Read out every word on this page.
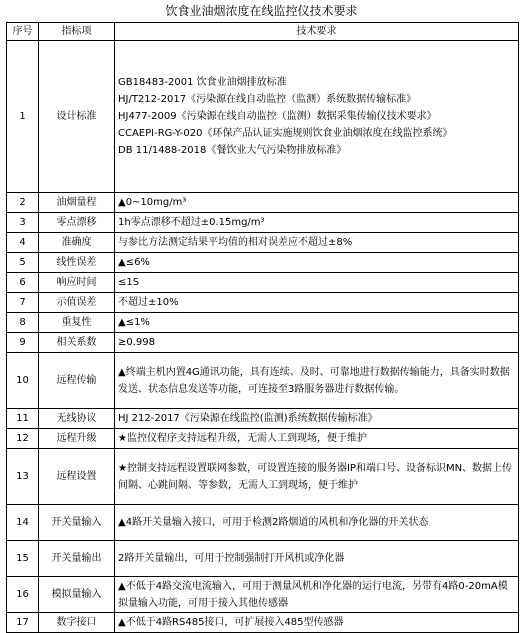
饮食业油烟浓度在线监控仪技术要求
序号	指标项	技术要求
1	设计标准	GB18483-2001 饮食业油烟排放标准
HJ/T212-2017《污染源在线自动监控（监测）系统数据传输标准》
HJ477-2009《污染源在线自动监控（监测）数据采集传输仪技术要求》
CCAEPI-RG-Y-020《环保产品认证实施规则饮食业油烟浓度在线监控系统》
DB 11/1488-2018《餐饮业大气污染物排放标准》

2	油烟量程	▲0~10mg/m³

3	零点漂移	1h零点漂移不超过±0.15mg/m³

4	准确度	与参比方法测定结果平均值的相对误差应不超过±8%

5	线性误差	▲≤6%

6	响应时间	≤1S

7	示值误差	不超过±10%

8	重复性	▲≤1%

9	相关系数	≥0.998

10	远程传输	▲终端主机内置4G通讯功能，具有连续、及时、可靠地进行数据传输能力，具备实时数据发送、状态信息发送等功能，可连接至3路服务器进行数据传输。

11	无线协议	HJ 212-2017《污染源在线监控(监测)系统数据传输标准》

12	远程升级	★监控仪程序支持远程升级，无需人工到现场，便于维护

13	远程设置	★控制支持远程设置联网参数，可设置连接的服务器IP和端口号、设备标识MN、数据上传间隔、心跳间隔、等参数，无需人工到现场，便于维护

14	开关量输入	▲4路开关量输入接口，可用于检测2路烟道的风机和净化器的开关状态

15	开关量输出	2路开关量输出，可用于控制强制打开风机或净化器

16	模拟量输入	▲不低于4路交流电流输入，可用于测量风机和净化器的运行电流，另带有4路0-20mA模拟量输入功能，可用于接入其他传感器

17	数字接口	▲不低于4路RS485接口，可扩展接入485型传感器
